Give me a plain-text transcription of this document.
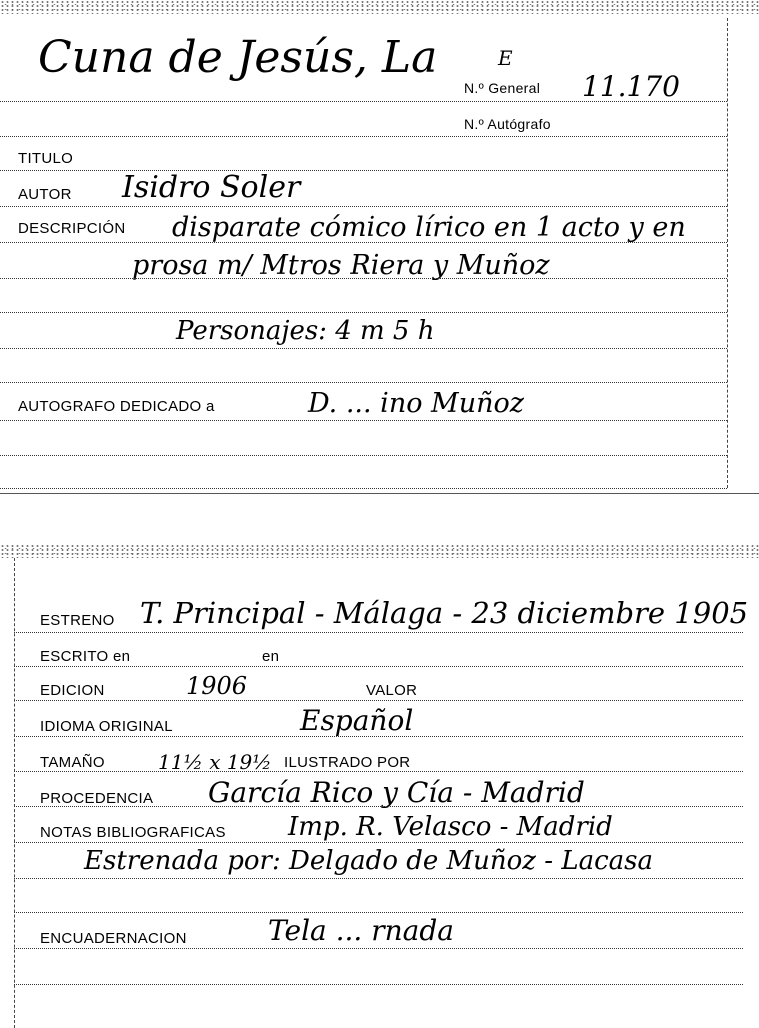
Cuna de Jesús, La	E
N.º General 11.170
N.º Autógrafo
TITULO
AUTOR Isidro Soler
DESCRIPCIÓN disparate cómico lírico en 1 acto y en
prosa m/ Mtros Riera y Muñoz
Personajes: 4 m 5 h
AUTOGRAFO DEDICADO a	D. ... ino Muñoz
ESTRENO T. Principal - Málaga - 23 diciembre 1905
ESCRITO en	en
EDICION	1906	VALOR
IDIOMA ORIGINAL	Español
TAMAÑO	11½ x 19½ ILUSTRADO POR
PROCEDENCIA García Rico y Cía - Madrid
NOTAS BIBLIOGRAFICAS Imp. R. Velasco - Madrid
Estrenada por: Delgado de Muñoz - Lacasa
ENCUADERNACION	Tela ... rnada
